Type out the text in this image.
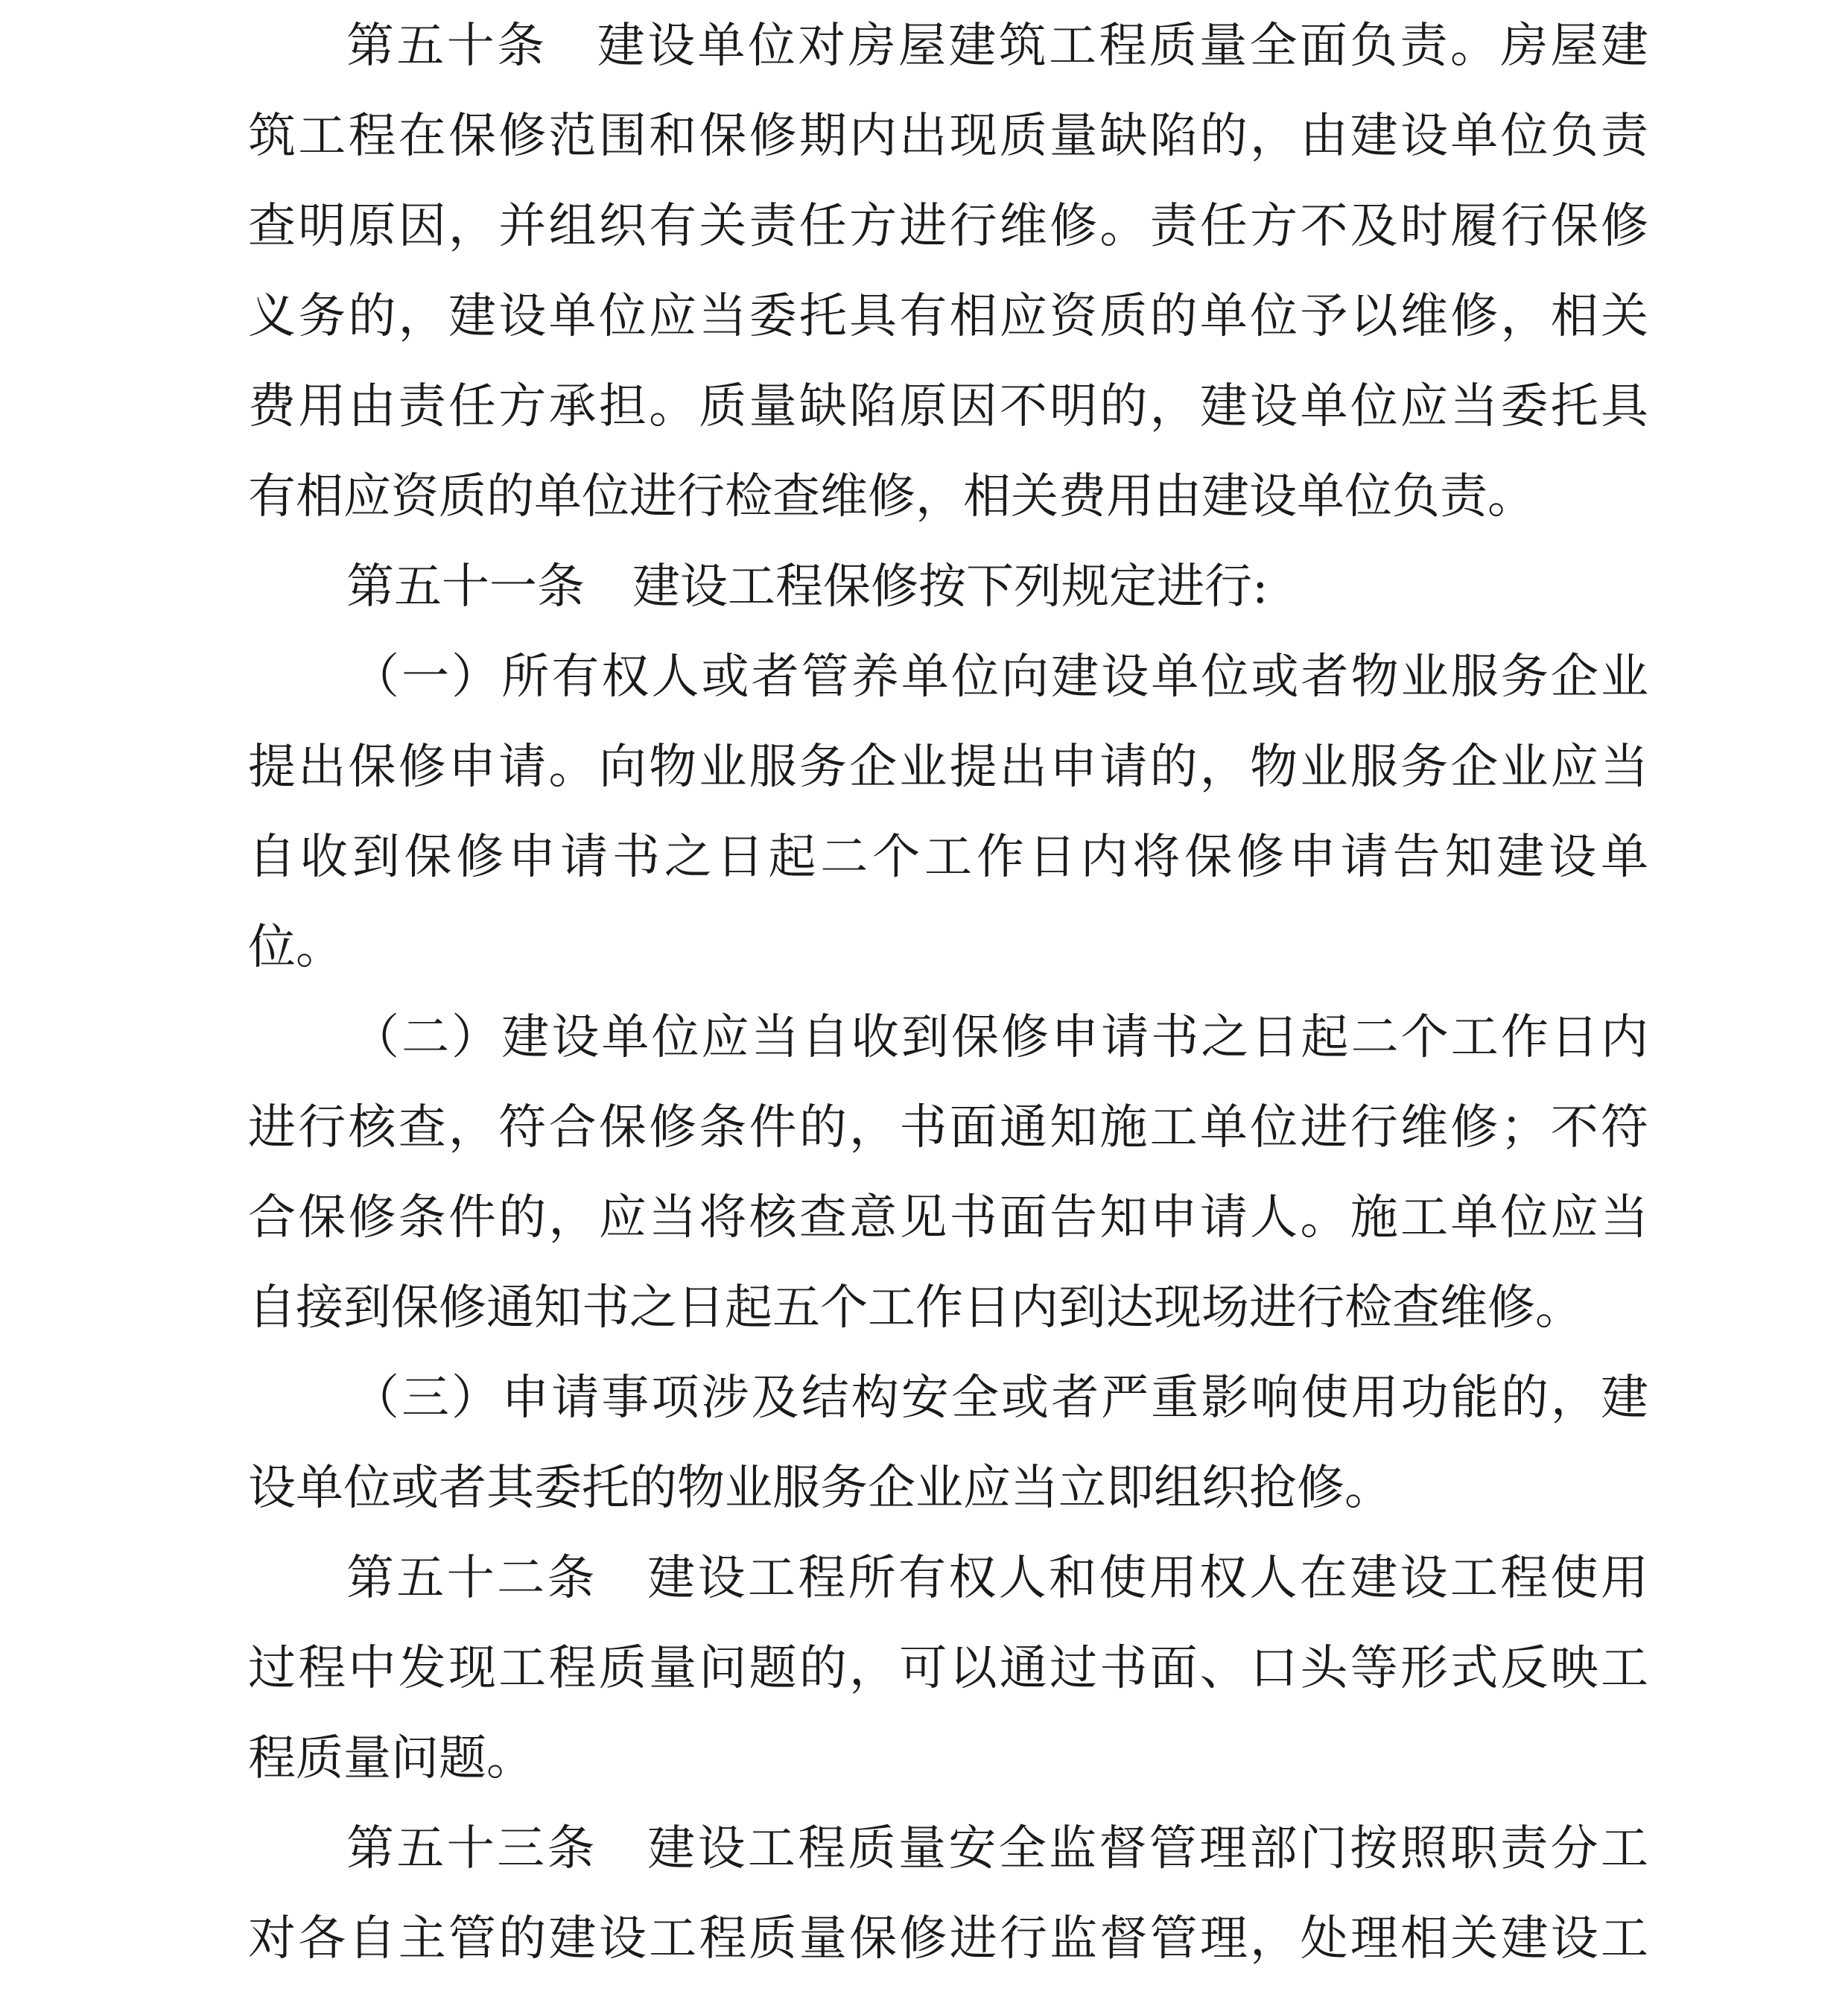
第五十条　建设单位对房屋建筑工程质量全面负责。房屋建
筑工程在保修范围和保修期内出现质量缺陷的，由建设单位负责
查明原因，并组织有关责任方进行维修。责任方不及时履行保修
义务的，建设单位应当委托具有相应资质的单位予以维修，相关
费用由责任方承担。质量缺陷原因不明的，建设单位应当委托具
有相应资质的单位进行检查维修，相关费用由建设单位负责。
第五十一条　建设工程保修按下列规定进行:
（一）所有权人或者管养单位向建设单位或者物业服务企业
提出保修申请。向物业服务企业提出申请的，物业服务企业应当
自收到保修申请书之日起二个工作日内将保修申请告知建设单
位。
（二）建设单位应当自收到保修申请书之日起二个工作日内
进行核查，符合保修条件的，书面通知施工单位进行维修；不符
合保修条件的，应当将核查意见书面告知申请人。施工单位应当
自接到保修通知书之日起五个工作日内到达现场进行检查维修。
（三）申请事项涉及结构安全或者严重影响使用功能的，建
设单位或者其委托的物业服务企业应当立即组织抢修。
第五十二条　建设工程所有权人和使用权人在建设工程使用
过程中发现工程质量问题的，可以通过书面、口头等形式反映工
程质量问题。
第五十三条　建设工程质量安全监督管理部门按照职责分工
对各自主管的建设工程质量保修进行监督管理，处理相关建设工
